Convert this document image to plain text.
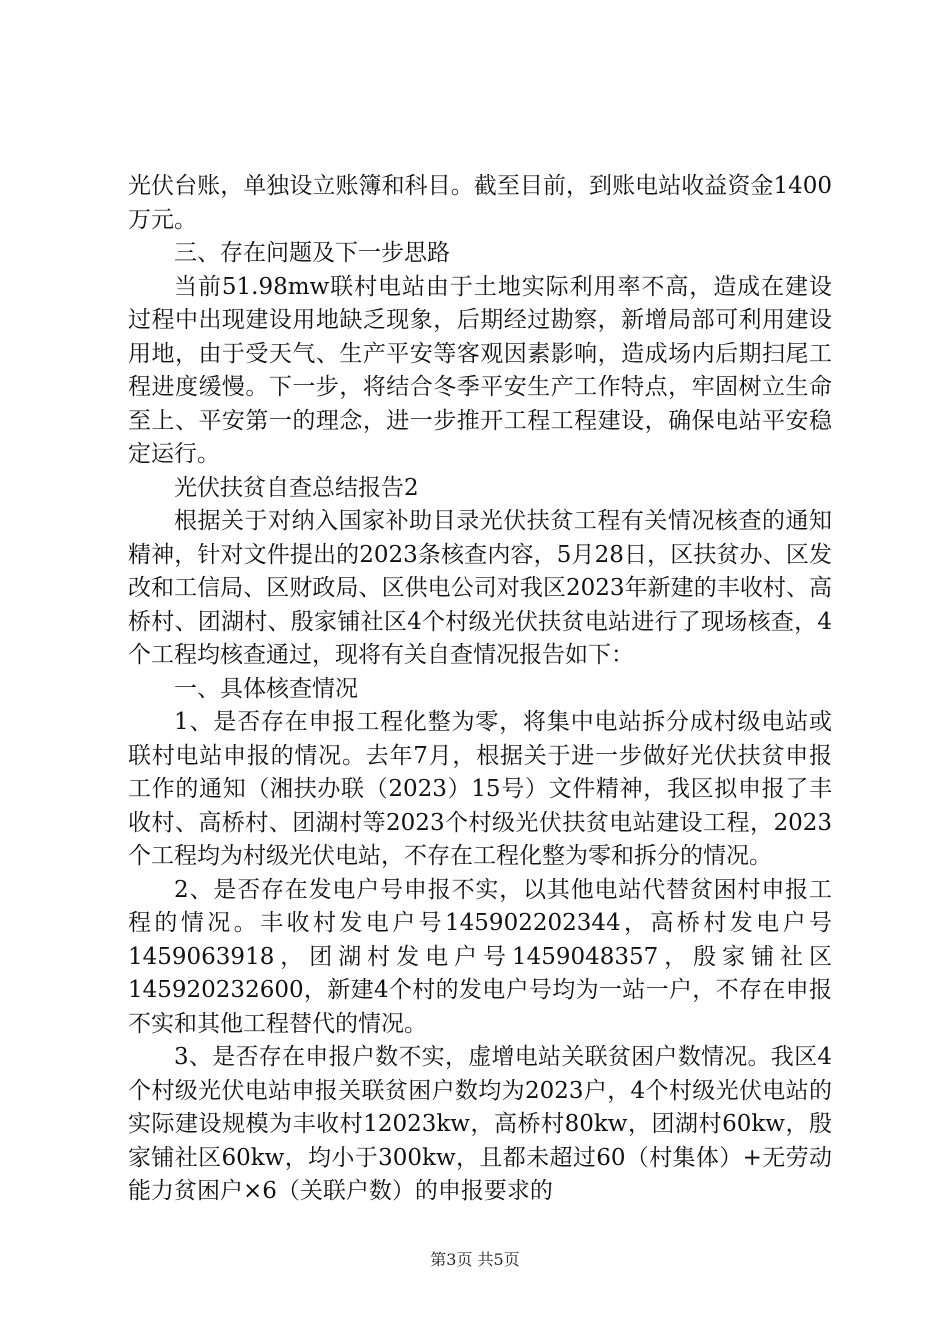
光伏台账，单独设立账簿和科目。截至目前，到账电站收益资金1400万元。

三、存在问题及下一步思路

当前51.98mw联村电站由于土地实际利用率不高，造成在建设过程中出现建设用地缺乏现象，后期经过勘察，新增局部可利用建设用地，由于受天气、生产平安等客观因素影响，造成场内后期扫尾工程进度缓慢。下一步，将结合冬季平安生产工作特点，牢固树立生命至上、平安第一的理念，进一步推开工程工程建设，确保电站平安稳定运行。

光伏扶贫自查总结报告2

根据关于对纳入国家补助目录光伏扶贫工程有关情况核查的通知精神，针对文件提出的2023条核查内容，5月28日，区扶贫办、区发改和工信局、区财政局、区供电公司对我区2023年新建的丰收村、高桥村、团湖村、殷家铺社区4个村级光伏扶贫电站进行了现场核查，4个工程均核查通过，现将有关自查情况报告如下：

一、具体核查情况

1、是否存在申报工程化整为零，将集中电站拆分成村级电站或联村电站申报的情况。去年7月，根据关于进一步做好光伏扶贫申报工作的通知（湘扶办联（2023）15号）文件精神，我区拟申报了丰收村、高桥村、团湖村等2023个村级光伏扶贫电站建设工程，2023个工程均为村级光伏电站，不存在工程化整为零和拆分的情况。

2、是否存在发电户号申报不实，以其他电站代替贫困村申报工程的情况。丰收村发电户号145902202344，高桥村发电户号1459063918，团湖村发电户号1459048357，殷家铺社区145920232600，新建4个村的发电户号均为一站一户，不存在申报不实和其他工程替代的情况。

3、是否存在申报户数不实，虚增电站关联贫困户数情况。我区4个村级光伏电站申报关联贫困户数均为2023户，4个村级光伏电站的实际建设规模为丰收村12023kw，高桥村80kw，团湖村60kw，殷家铺社区60kw，均小于300kw，且都未超过60（村集体）+无劳动能力贫困户×6（关联户数）的申报要求的

第3页 共5页
